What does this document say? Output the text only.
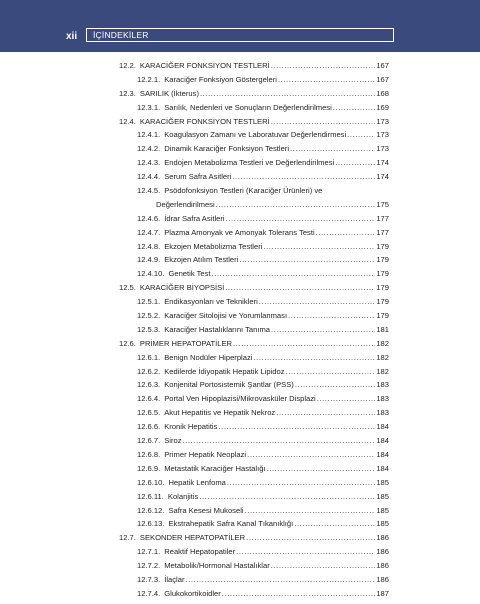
xii İÇİNDEKİLER
12.2. KARACİĞER FONKSİYON TESTLERİ .....	167
12.2.1. Karaciğer Fonksiyon Göstergeleri .....	167
12.3. SARILIK (İkterus) .....	168
12.3.1. Sarılık, Nedenleri ve Sonuçların Değerlendirilmesi .....	169
12.4. KARACİĞER FONKSİYON TESTLERİ .....	173
12.4.1. Koagulasyon Zamanı ve Laboratuvar Değerlendirmesi .....	173
12.4.2. Dinamik Karaciğer Fonksiyon Testleri .....	173
12.4.3. Endojen Metabolizma Testleri ve Değerlendirilmesi .....	174
12.4.4. Serum Safra Asitleri .....	174
12.4.5. Psödofonksiyon Testleri (Karaciğer Ürünleri) ve
Değerlendirilmesi .....	175
12.4.6. İdrar Safra Asitleri .....	177
12.4.7. Plazma Amonyak ve Amonyak Tolerans Testi .....	177
12.4.8. Ekzojen Metabolizma Testleri .....	179
12.4.9. Ekzojen Atılım Testleri .....	179
12.4.10. Genetik Test .....	179
12.5. KARACİĞER BİYOPSİSİ .....	179
12.5.1. Endikasyonları ve Teknikleri .....	179
12.5.2. Karaciğer Sitolojisi ve Yorumlanması .....	179
12.5.3. Karaciğer Hastalıklarını Tanıma .....	181
12.6. PRİMER HEPATOPATİLER .....	182
12.6.1. Benign Nodüler Hiperplazi .....	182
12.6.2. Kedilerde İdiyopatik Hepatik Lipidoz .....	182
12.6.3. Konjenital Portosistemik Şantlar (PSS) .....	183
12.6.4. Portal Ven Hipoplazisi/Mikrovasküler Displazi .....	183
12.6.5. Akut Hepatitis ve Hepatik Nekroz .....	183
12.6.6. Kronik Hepatitis .....	184
12.6.7. Siroz .....	184
12.6.8. Primer Hepatik Neoplazi .....	184
12.6.9. Metastatik Karaciğer Hastalığı .....	184
12.6.10. Hepatik Lenfoma .....	185
12.6.11. Kolanjitis .....	185
12.6.12. Safra Kesesi Mukoseli .....	185
12.6.13. Ekstrahepatik Safra Kanal Tıkanıklığı .....	185
12.7. SEKONDER HEPATOPATİLER .....	186
12.7.1. Reaktif Hepatopatiler .....	186
12.7.2. Metabolik/Hormonal Hastalıklar .....	186
12.7.3. İlaçlar .....	186
12.7.4. Glukokortikoidler .....	187
